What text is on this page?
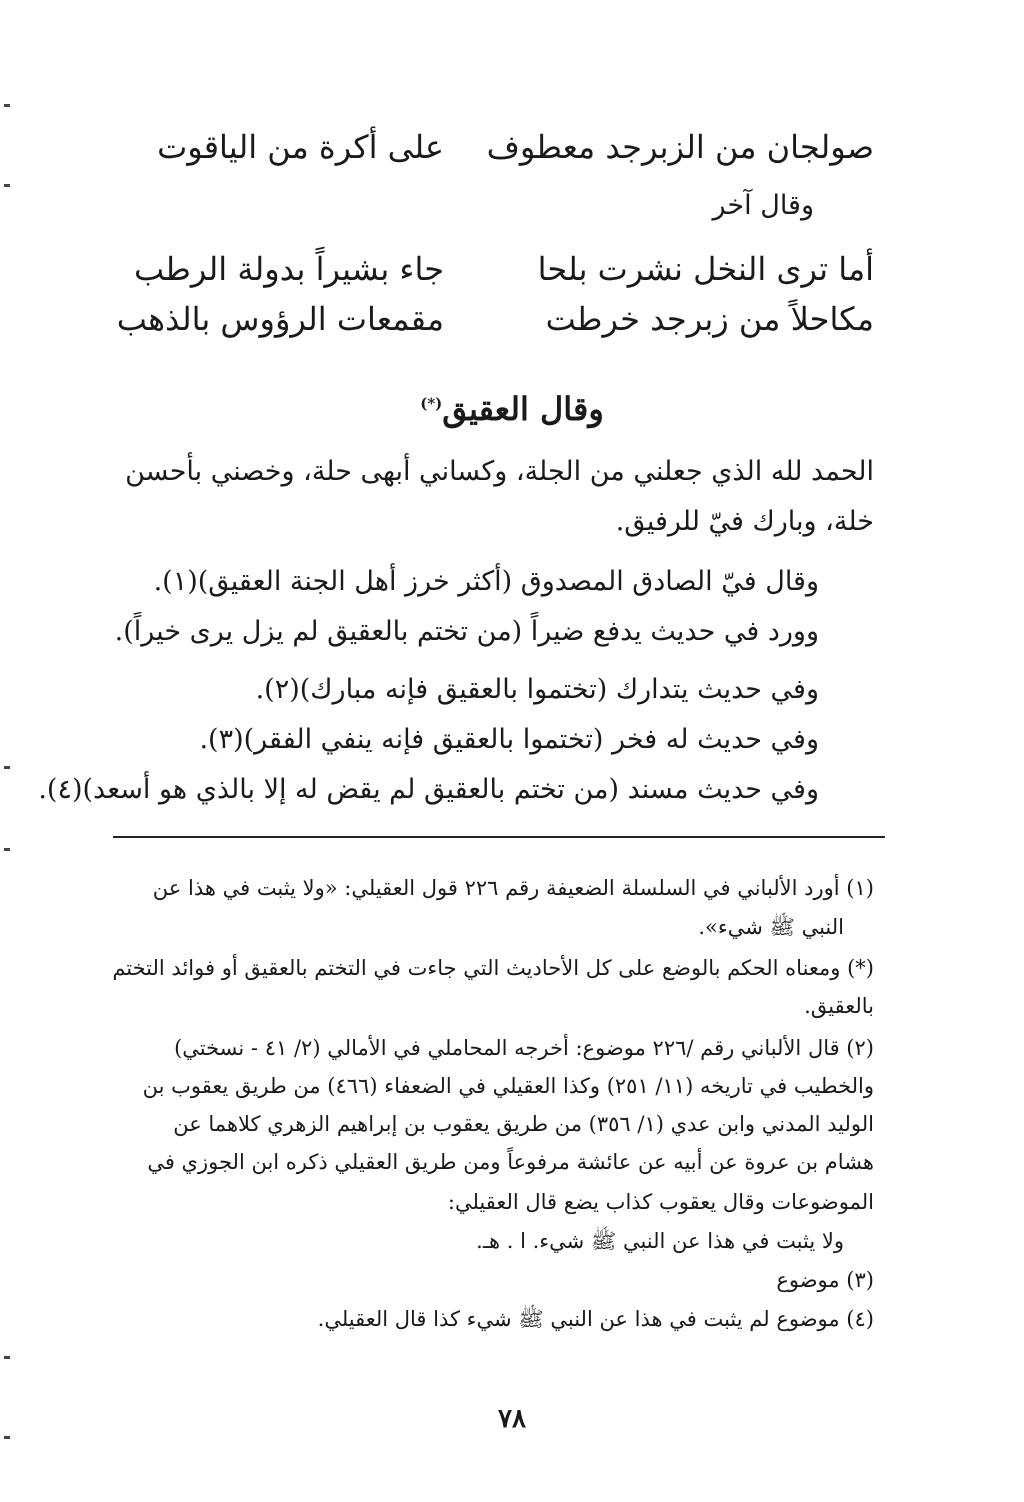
صولجان من الزبرجد معطوف
على أكرة من الياقوت
وقال آخر
أما ترى النخل نشرت بلحا
جاء بشيراً بدولة الرطب
مكاحلاً من زبرجد خرطت
مقمعات الرؤوس بالذهب
وقال العقيق(*)
الحمد لله الذي جعلني من الجلة، وكساني أبهى حلة، وخصني بأحسن
خلة، وبارك فيّ للرفيق.
وقال فيّ الصادق المصدوق (أكثر خرز أهل الجنة العقيق)(١).
وورد في حديث يدفع ضيراً (من تختم بالعقيق لم يزل يرى خيراً).
وفي حديث يتدارك (تختموا بالعقيق فإنه مبارك)(٢).
وفي حديث له فخر (تختموا بالعقيق فإنه ينفي الفقر)(٣).
وفي حديث مسند (من تختم بالعقيق لم يقض له إلا بالذي هو أسعد)(٤).
(١) أورد الألباني في السلسلة الضعيفة رقم ٢٢٦ قول العقيلي: «ولا يثبت في هذا عن
النبي ﷺ شيء».
(*) ومعناه الحكم بالوضع على كل الأحاديث التي جاءت في التختم بالعقيق أو فوائد التختم
بالعقيق.
(٢) قال الألباني رقم /٢٢٦ موضوع: أخرجه المحاملي في الأمالي (٢/ ٤١ - نسختي)
والخطيب في تاريخه (١١/ ٢٥١) وكذا العقيلي في الضعفاء (٤٦٦) من طريق يعقوب بن
الوليد المدني وابن عدي (١/ ٣٥٦) من طريق يعقوب بن إبراهيم الزهري كلاهما عن
هشام بن عروة عن أبيه عن عائشة مرفوعاً ومن طريق العقيلي ذكره ابن الجوزي في
الموضوعات وقال يعقوب كذاب يضع قال العقيلي:
ولا يثبت في هذا عن النبي ﷺ شيء. ا . هـ.
(٣) موضوع
(٤) موضوع لم يثبت في هذا عن النبي ﷺ شيء كذا قال العقيلي.
٧٨
